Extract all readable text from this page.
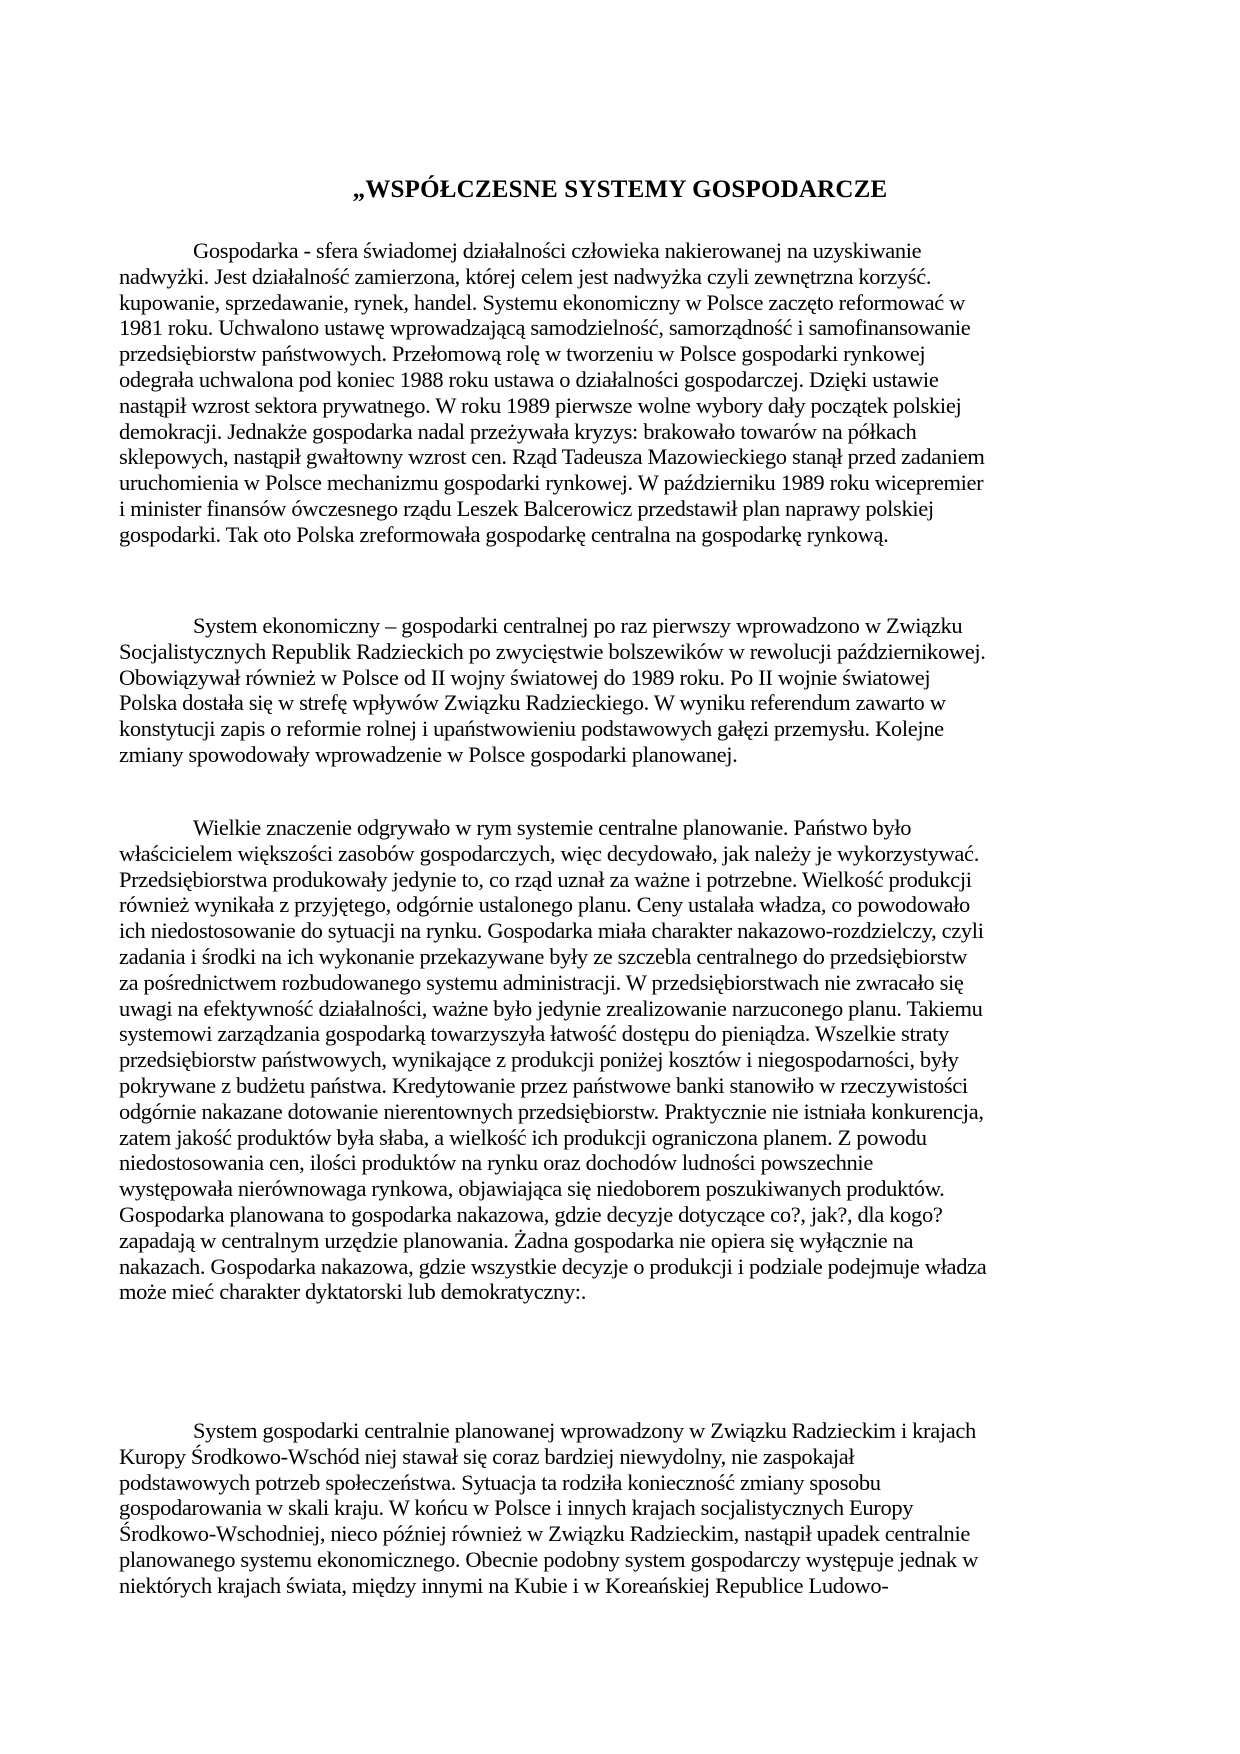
„WSPÓŁCZESNE SYSTEMY GOSPODARCZE
Gospodarka - sfera świadomej działalności człowieka nakierowanej na uzyskiwanie
nadwyżki. Jest działalność zamierzona, której celem jest nadwyżka czyli zewnętrzna korzyść.
kupowanie, sprzedawanie, rynek, handel. Systemu ekonomiczny w Polsce zaczęto reformować w
1981 roku. Uchwalono ustawę wprowadzającą samodzielność, samorządność i samofinansowanie
przedsiębiorstw państwowych. Przełomową rolę w tworzeniu w Polsce gospodarki rynkowej
odegrała uchwalona pod koniec 1988 roku ustawa o działalności gospodarczej. Dzięki ustawie
nastąpił wzrost sektora prywatnego. W roku 1989 pierwsze wolne wybory dały początek polskiej
demokracji. Jednakże gospodarka nadal przeżywała kryzys: brakowało towarów na półkach
sklepowych, nastąpił gwałtowny wzrost cen. Rząd Tadeusza Mazowieckiego stanął przed zadaniem
uruchomienia w Polsce mechanizmu gospodarki rynkowej. W październiku 1989 roku wicepremier
i minister finansów ówczesnego rządu Leszek Balcerowicz przedstawił plan naprawy polskiej
gospodarki. Tak oto Polska zreformowała gospodarkę centralna na gospodarkę rynkową.
System ekonomiczny – gospodarki centralnej po raz pierwszy wprowadzono w Związku
Socjalistycznych Republik Radzieckich po zwycięstwie bolszewików w rewolucji październikowej.
Obowiązywał również w Polsce od II wojny światowej do 1989 roku. Po II wojnie światowej
Polska dostała się w strefę wpływów Związku Radzieckiego. W wyniku referendum zawarto w
konstytucji zapis o reformie rolnej i upaństwowieniu podstawowych gałęzi przemysłu. Kolejne
zmiany spowodowały wprowadzenie w Polsce gospodarki planowanej.
Wielkie znaczenie odgrywało w rym systemie centralne planowanie. Państwo było
właścicielem większości zasobów gospodarczych, więc decydowało, jak należy je wykorzystywać.
Przedsiębiorstwa produkowały jedynie to, co rząd uznał za ważne i potrzebne. Wielkość produkcji
również wynikała z przyjętego, odgórnie ustalonego planu. Ceny ustalała władza, co powodowało
ich niedostosowanie do sytuacji na rynku. Gospodarka miała charakter nakazowo-rozdzielczy, czyli
zadania i środki na ich wykonanie przekazywane były ze szczebla centralnego do przedsiębiorstw
za pośrednictwem rozbudowanego systemu administracji. W przedsiębiorstwach nie zwracało się
uwagi na efektywność działalności, ważne było jedynie zrealizowanie narzuconego planu. Takiemu
systemowi zarządzania gospodarką towarzyszyła łatwość dostępu do pieniądza. Wszelkie straty
przedsiębiorstw państwowych, wynikające z produkcji poniżej kosztów i niegospodarności, były
pokrywane z budżetu państwa. Kredytowanie przez państwowe banki stanowiło w rzeczywistości
odgórnie nakazane dotowanie nierentownych przedsiębiorstw. Praktycznie nie istniała konkurencja,
zatem jakość produktów była słaba, a wielkość ich produkcji ograniczona planem. Z powodu
niedostosowania cen, ilości produktów na rynku oraz dochodów ludności powszechnie
występowała nierównowaga rynkowa, objawiająca się niedoborem poszukiwanych produktów.
Gospodarka planowana to gospodarka nakazowa, gdzie decyzje dotyczące co?, jak?, dla kogo?
zapadają w centralnym urzędzie planowania. Żadna gospodarka nie opiera się wyłącznie na
nakazach. Gospodarka nakazowa, gdzie wszystkie decyzje o produkcji i podziale podejmuje władza
może mieć charakter dyktatorski lub demokratyczny:.
System gospodarki centralnie planowanej wprowadzony w Związku Radzieckim i krajach
Kuropy Środkowo-Wschód niej stawał się coraz bardziej niewydolny, nie zaspokajał
podstawowych potrzeb społeczeństwa. Sytuacja ta rodziła konieczność zmiany sposobu
gospodarowania w skali kraju. W końcu w Polsce i innych krajach socjalistycznych Europy
Środkowo-Wschodniej, nieco później również w Związku Radzieckim, nastąpił upadek centralnie
planowanego systemu ekonomicznego. Obecnie podobny system gospodarczy występuje jednak w
niektórych krajach świata, między innymi na Kubie i w Koreańskiej Republice Ludowo-
